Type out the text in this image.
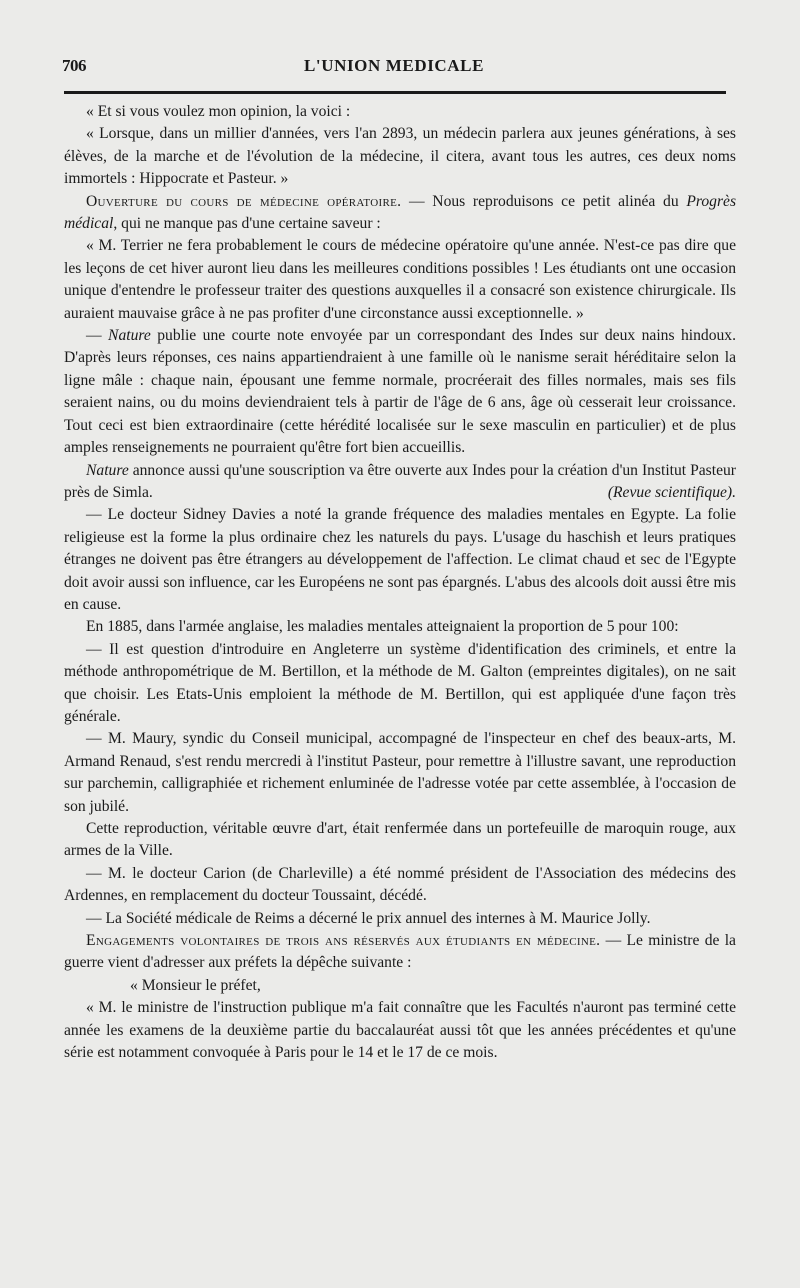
706	L'UNION MEDICALE

« Et si vous voulez mon opinion, la voici :

« Lorsque, dans un millier d'années, vers l'an 2893, un médecin parlera aux jeunes générations, à ses élèves, de la marche et de l'évolution de la médecine, il citera, avant tous les autres, ces deux noms immortels : Hippocrate et Pasteur. »

Ouverture du cours de médecine opératoire. — Nous reproduisons ce petit alinéa du Progrès médical, qui ne manque pas d'une certaine saveur :

« M. Terrier ne fera probablement le cours de médecine opératoire qu'une année. N'est-ce pas dire que les leçons de cet hiver auront lieu dans les meilleures conditions possibles ! Les étudiants ont une occasion unique d'entendre le professeur traiter des questions auxquelles il a consacré son existence chirurgicale. Ils auraient mauvaise grâce à ne pas profiter d'une circonstance aussi exceptionnelle. »

— Nature publie une courte note envoyée par un correspondant des Indes sur deux nains hindoux. D'après leurs réponses, ces nains appartiendraient à une famille où le nanisme serait héréditaire selon la ligne mâle : chaque nain, épousant une femme normale, procréerait des filles normales, mais ses fils seraient nains, ou du moins deviendraient tels à partir de l'âge de 6 ans, âge où cesserait leur croissance. Tout ceci est bien extraordinaire (cette hérédité localisée sur le sexe masculin en particulier) et de plus amples renseignements ne pourraient qu'être fort bien accueillis.

Nature annonce aussi qu'une souscription va être ouverte aux Indes pour la création d'un Institut Pasteur près de Simla.	(Revue scientifique).

— Le docteur Sidney Davies a noté la grande fréquence des maladies mentales en Egypte. La folie religieuse est la forme la plus ordinaire chez les naturels du pays. L'usage du haschish et leurs pratiques étranges ne doivent pas être étrangers au développement de l'affection. Le climat chaud et sec de l'Egypte doit avoir aussi son influence, car les Européens ne sont pas épargnés. L'abus des alcools doit aussi être mis en cause.

En 1885, dans l'armée anglaise, les maladies mentales atteignaient la proportion de 5 pour 100:

— Il est question d'introduire en Angleterre un système d'identification des criminels, et entre la méthode anthropométrique de M. Bertillon, et la méthode de M. Galton (empreintes digitales), on ne sait que choisir. Les Etats-Unis emploient la méthode de M. Bertillon, qui est appliquée d'une façon très générale.

— M. Maury, syndic du Conseil municipal, accompagné de l'inspecteur en chef des beaux-arts, M. Armand Renaud, s'est rendu mercredi à l'institut Pasteur, pour remettre à l'illustre savant, une reproduction sur parchemin, calligraphiée et richement enluminée de l'adresse votée par cette assemblée, à l'occasion de son jubilé.

Cette reproduction, véritable œuvre d'art, était renfermée dans un portefeuille de maroquin rouge, aux armes de la Ville.

— M. le docteur Carion (de Charleville) a été nommé président de l'Association des médecins des Ardennes, en remplacement du docteur Toussaint, décédé.

— La Société médicale de Reims a décerné le prix annuel des internes à M. Maurice Jolly.

Engagements volontaires de trois ans réservés aux étudiants en médecine. — Le ministre de la guerre vient d'adresser aux préfets la dépêche suivante :

« Monsieur le préfet,

« M. le ministre de l'instruction publique m'a fait connaître que les Facultés n'auront pas terminé cette année les examens de la deuxième partie du baccalauréat aussi tôt que les années précédentes et qu'une série est notamment convoquée à Paris pour le 14 et le 17 de ce mois.
